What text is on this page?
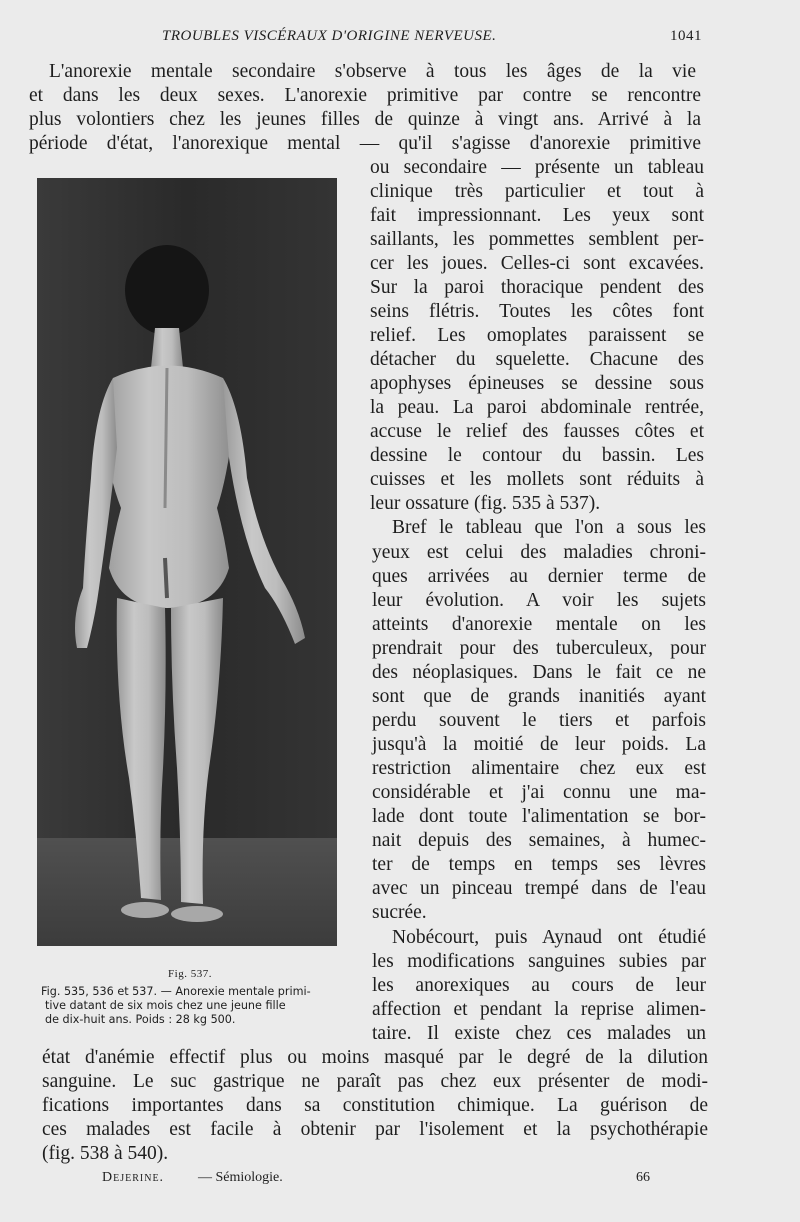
TROUBLES VISCÉRAUX D'ORIGINE NERVEUSE.	1041
L'anorexie mentale secondaire s'observe à tous les âges de la vie
et dans les deux sexes. L'anorexie primitive par contre se rencontre
plus volontiers chez les jeunes filles de quinze à vingt ans. Arrivé à la
période d'état, l'anorexique mental — qu'il s'agisse d'anorexie primitive
ou secondaire — présente un tableau
clinique très particulier et tout à
fait impressionnant. Les yeux sont
saillants, les pommettes semblent per-
cer les joues. Celles-ci sont excavées.
Sur la paroi thoracique pendent des
seins flétris. Toutes les côtes font
relief. Les omoplates paraissent se
détacher du squelette. Chacune des
apophyses épineuses se dessine sous
la peau. La paroi abdominale rentrée,
accuse le relief des fausses côtes et
dessine le contour du bassin. Les
cuisses et les mollets sont réduits à
leur ossature (fig. 535 à 537).
Bref le tableau que l'on a sous les
yeux est celui des maladies chroni-
ques arrivées au dernier terme de
leur évolution. A voir les sujets
atteints d'anorexie mentale on les
prendrait pour des tuberculeux, pour
des néoplasiques. Dans le fait ce ne
sont que de grands inanitiés ayant
perdu souvent le tiers et parfois
jusqu'à la moitié de leur poids. La
restriction alimentaire chez eux est
considérable et j'ai connu une ma-
lade dont toute l'alimentation se bor-
nait depuis des semaines, à humec-
ter de temps en temps ses lèvres
avec un pinceau trempé dans de l'eau
sucrée.
Nobécourt, puis Aynaud ont étudié
les modifications sanguines subies par
les anorexiques au cours de leur
affection et pendant la reprise alimen-
taire. Il existe chez ces malades un
état d'anémie effectif plus ou moins masqué par le degré de la dilution
sanguine. Le suc gastrique ne paraît pas chez eux présenter de modi-
fications importantes dans sa constitution chimique. La guérison de
ces malades est facile à obtenir par l'isolement et la psychothérapie
(fig. 538 à 540).
Fig. 537.
Fig. 535, 536 et 537. — Anorexie mentale primi-
tive datant de six mois chez une jeune fille
de dix-huit ans. Poids : 28 kg 500.
Dejerine. — Sémiologie.	66
